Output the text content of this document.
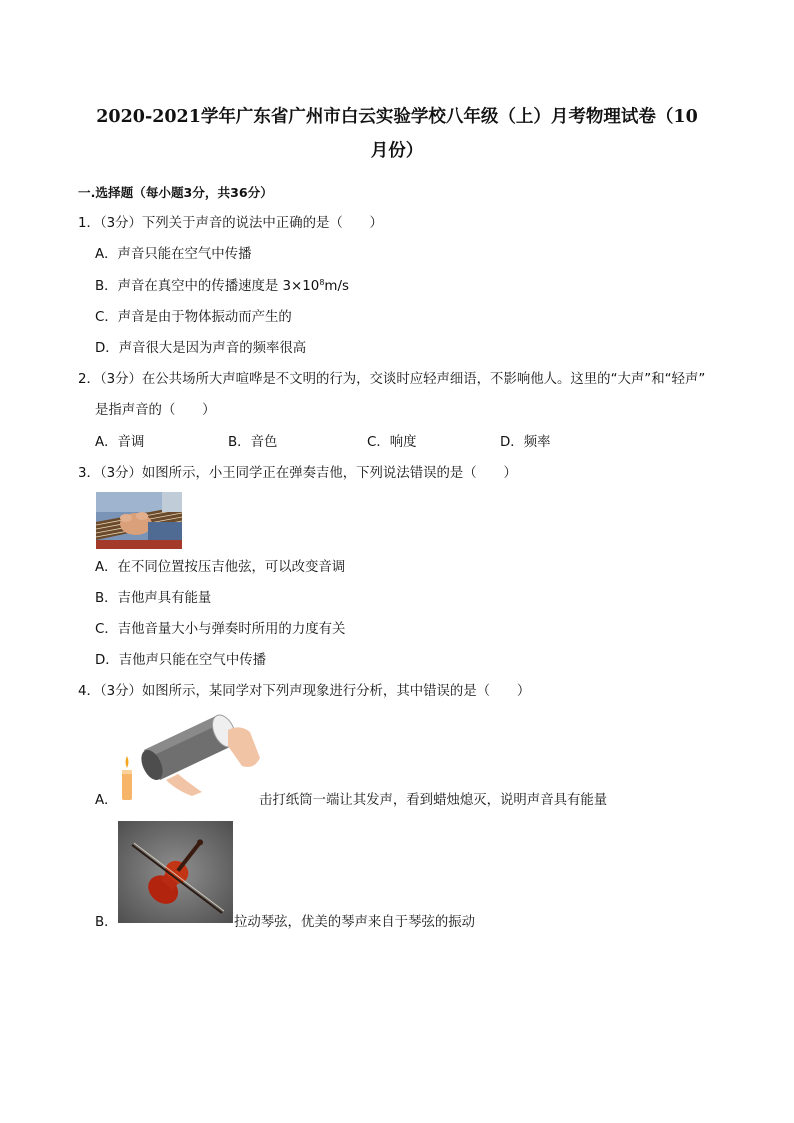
2020-2021学年广东省广州市白云实验学校八年级（上）月考物理试卷（10
月份）
一.选择题（每小题3分，共36分）
1．（3分）下列关于声音的说法中正确的是（　　）
A．声音只能在空气中传播
B．声音在真空中的传播速度是 $3\times 10^8m/s$
C．声音是由于物体振动而产生的
D．声音很大是因为声音的频率很高
2．（3分）在公共场所大声喧哗是不文明的行为，交谈时应轻声细语，不影响他人。这里的“大声”和“轻声”
是指声音的（　　）
A．音调	B．音色	C．响度	D．频率
3．（3分）如图所示，小王同学正在弹奏吉他，下列说法错误的是（　　）
A．在不同位置按压吉他弦，可以改变音调
B．吉他声具有能量
C．吉他音量大小与弹奏时所用的力度有关
D．吉他声只能在空气中传播
4．（3分）如图所示，某同学对下列声现象进行分析，其中错误的是（　　）
A．	击打纸筒一端让其发声，看到蜡烛熄灭，说明声音具有能量
B．	拉动琴弦，优美的琴声来自于琴弦的振动
